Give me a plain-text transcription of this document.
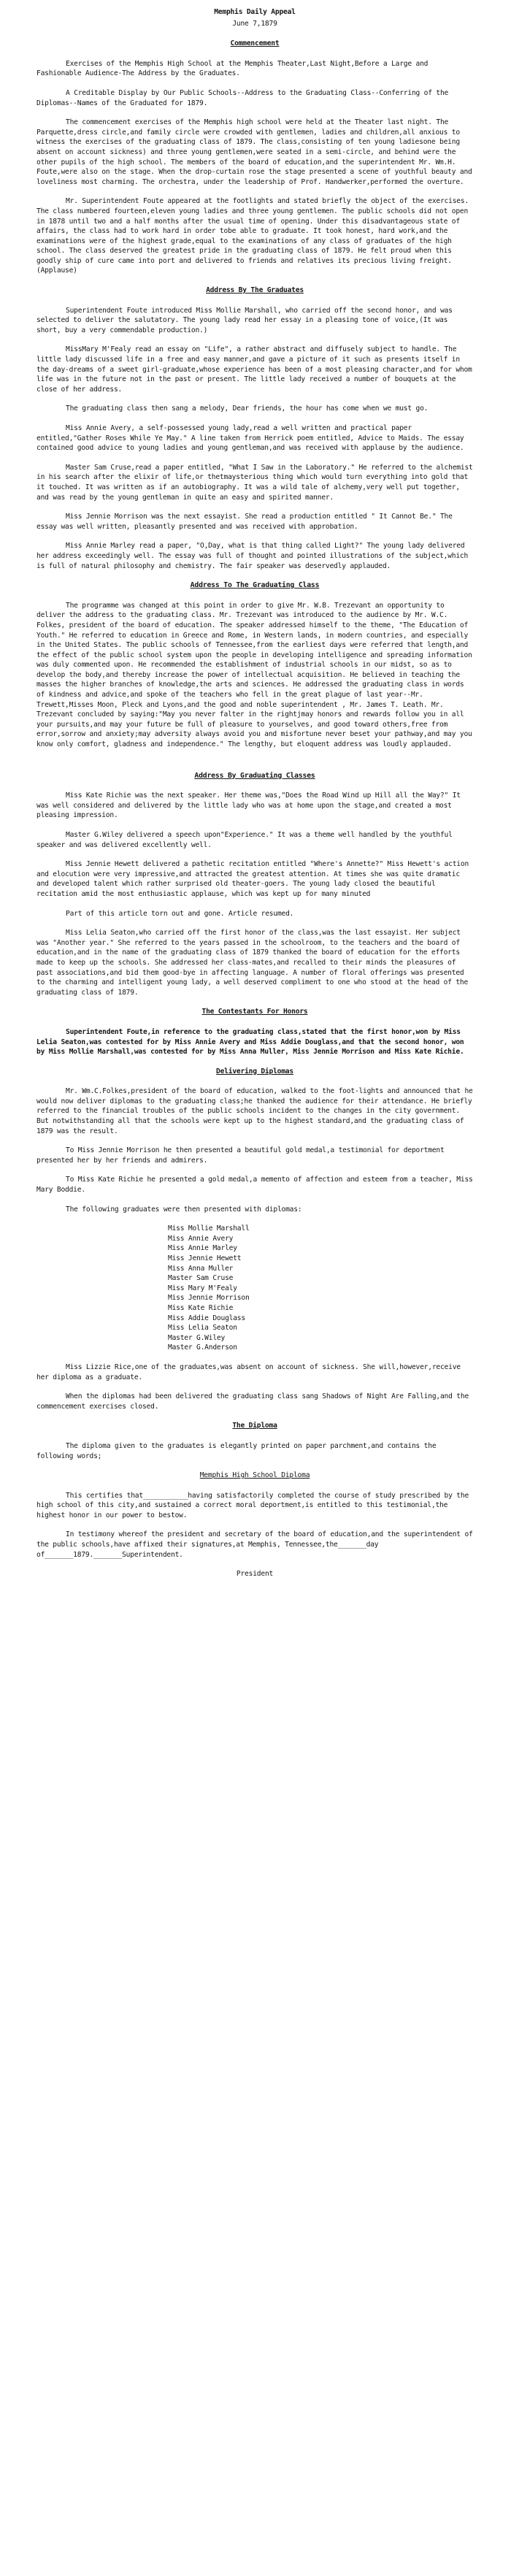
Memphis Daily Appeal
June 7,1879
Commencement

Exercises of the Memphis High School at the Memphis Theater,Last Night,Before a Large and Fashionable Audience-The Address by the Graduates.

A Creditable Display by Our Public Schools--Address to the Graduating Class--Conferring of the Diplomas--Names of the Graduated for 1879.

The commencement exercises of the Memphis high school were held at the Theater last night. The Parquette,dress circle,and family circle were crowded with gentlemen, ladies and children,all anxious to witness the exercises of the graduating class of 1879. The class,consisting of ten young ladiesone being absent on account sickness) and three young gentlemen,were seated in a semi-circle, and behind were the other pupils of the high school. The members of the board of education,and the superintendent Mr. Wm.H. Foute,were also on the stage. When the drop-curtain rose the stage presented a scene of youthful beauty and loveliness most charming. The orchestra, under the leadership of Prof. Handwerker,performed the overture.

Mr. Superintendent Foute appeared at the footlights and stated briefly the object of the exercises. The class numbered fourteen,eleven young ladies and three young gentlemen. The public schools did not open in 1878 until two and a half months after the usual time of opening. Under this disadvantageous state of affairs, the class had to work hard in order tobe able to graduate. It took honest, hard work,and the examinations were of the highest grade,equal to the examinations of any class of graduates of the high school. The class deserved the greatest pride in the graduating class of 1879. He felt proud when this goodly ship of cure came into port and delivered to friends and relatives its precious living freight.(Applause)

Address By The Graduates

Superintendent Foute introduced Miss Mollie Marshall, who carried off the second honor, and was selected to deliver the salutatory. The young lady read her essay in a pleasing tone of voice,(It was short, buy a very commendable production.)

MissMary M'Fealy read an essay on "Life", a rather abstract and diffusely subject to handle. The little lady discussed life in a free and easy manner,and gave a picture of it such as presents itself in the day-dreams of a sweet girl-graduate,whose experience has been of a most pleasing character,and for whom life was in the future not in the past or present. The little lady received a number of bouquets at the close of her address.

The graduating class then sang a melody, Dear friends, the hour has come when we must go.

Miss Annie Avery, a self-possessed young lady,read a well written and practical paper entitled,"Gather Roses While Ye May." A line taken from Herrick poem entitled, Advice to Maids. The essay contained good advice to young ladies and young gentleman,and was received with applause by the audience.

Master Sam Cruse,read a paper entitled, "What I Saw in the Laboratory." He referred to the alchemist in his search after the elixir of life,or thetmaysterious thing which would turn everything into gold that it touched. It was written as if an autobiography. It was a wild tale of alchemy,very well put together, and was read by the young gentleman in quite an easy and spirited manner.

Miss Jennie Morrison was the next essayist. She read a production entitled " It Cannot Be." The essay was well written, pleasantly presented and was received with approbation.

Miss Annie Marley read a paper, "O,Day, what is that thing called Light?" The young lady delivered her address exceedingly well. The essay was full of thought and pointed illustrations of the subject,which is full of natural philosophy and chemistry. The fair speaker was deservedly applauded.

Address To The Graduating Class

The programme was changed at this point in order to give Mr. W.B. Trezevant an opportunity to deliver the address to the graduating class. Mr. Trezevant was introduced to the audience by Mr. W.C. Folkes, president of the board of education. The speaker addressed himself to the theme, "The Education of Youth." He referred to education in Greece and Rome, in Western lands, in modern countries, and especially in the United States. The public schools of Tennessee,from the earliest days were referred that length,and the effect of the public school system upon the people in developing intelligence and spreading information was duly commented upon. He recommended the establishment of industrial schools in our midst, so as to develop the body,and thereby increase the power of intellectual acquisition. He believed in teaching the masses the higher branches of knowledge,the arts and sciences. He addressed the graduating class in words of kindness and advice,and spoke of the teachers who fell in the great plague of last year--Mr. Trewett,Misses Moon, Pleck and Lyons,and the good and noble superintendent , Mr. James T. Leath. Mr. Trezevant concluded by saying:"May you never falter in the rightjmay honors and rewards follow you in all your pursuits,and may your future be full of pleasure to yourselves, and good toward others,free from error,sorrow and anxiety;may adversity always avoid you and misfortune never beset your pathway,and may you know only comfort, gladness and independence." The lengthy, but eloquent address was loudly applauded.

Address By Graduating Classes

Miss Kate Richie was the next speaker. Her theme was,"Does the Road Wind up Hill all the Way?" It was well considered and delivered by the little lady who was at home upon the stage,and created a most pleasing impression.

Master G.Wiley delivered a speech upon"Experience." It was a theme well handled by the youthful speaker and was delivered excellently well.

Miss Jennie Hewett delivered a pathetic recitation entitled "Where's Annette?" Miss Hewett's action and elocution were very impressive,and attracted the greatest attention. At times she was quite dramatic and developed talent which rather surprised old theater-goers. The young lady closed the beautiful recitation amid the most enthusiastic applause, which was kept up for many minuted

Part of this article torn out and gone. Article resumed.

Miss Lelia Seaton,who carried off the first honor of the class,was the last essayist. Her subject was "Another year." She referred to the years passed in the schoolroom, to the teachers and the board of education,and in the name of the graduating class of 1879 thanked the board of education for the efforts made to keep up the schools. She addressed her class-mates,and recalled to their minds the pleasures of past associations,and bid them good-bye in affecting language. A number of floral offerings was presented to the charming and intelligent young lady, a well deserved compliment to one who stood at the head of the graduating class of 1879.

The Contestants For Honors

Superintendent Foute,in reference to the graduating class,stated that the first honor,won by Miss Lelia Seaton,was contested for by Miss Annie Avery and Miss Addie Douglass,and that the second honor, won by Miss Mollie Marshall,was contested for by Miss Anna Muller, Miss Jennie Morrison and Miss Kate Richie.

Delivering Diplomas

Mr. Wm.C.Folkes,president of the board of education, walked to the foot-lights and announced that he would now deliver diplomas to the graduating class;he thanked the audience for their attendance. He briefly referred to the financial troubles of the public schools incident to the changes in the city government. But notwithstanding all that the schools were kept up to the highest standard,and the graduating class of 1879 was the result.

To Miss Jennie Morrison he then presented a beautiful gold medal,a testimonial for deportment presented her by her friends and admirers.

To Miss Kate Richie he presented a gold medal,a memento of affection and esteem from a teacher, Miss Mary Boddie.

The following graduates were then presented with diplomas:

Miss Mollie Marshall
Miss Annie Avery
Miss Annie Marley
Miss Jennie Hewett
Miss Anna Muller
Master Sam Cruse
Miss Mary M'Fealy
Miss Jennie Morrison
Miss Kate Richie
Miss Addie Douglass
Miss Lelia Seaton
Master G.Wiley
Master G.Anderson

Miss Lizzie Rice,one of the graduates,was absent on account of sickness. She will,however,receive her diploma as a graduate.

When the diplomas had been delivered the graduating class sang Shadows of Night Are Falling,and the commencement exercises closed.

The Diploma

The diploma given to the graduates is elegantly printed on paper parchment,and contains the following words;

Memphis High School Diploma

This certifies that___________having satisfactorily completed the course of study prescribed by the high school of this city,and sustained a correct moral deportment,is entitled to this testimonial,the highest honor in our power to bestow.

In testimony whereof the president and secretary of the board of education,and the superintendent of the public schools,have affixed their signatures,at Memphis, Tennessee,the_______day of_______1879._______Superintendent.

President
